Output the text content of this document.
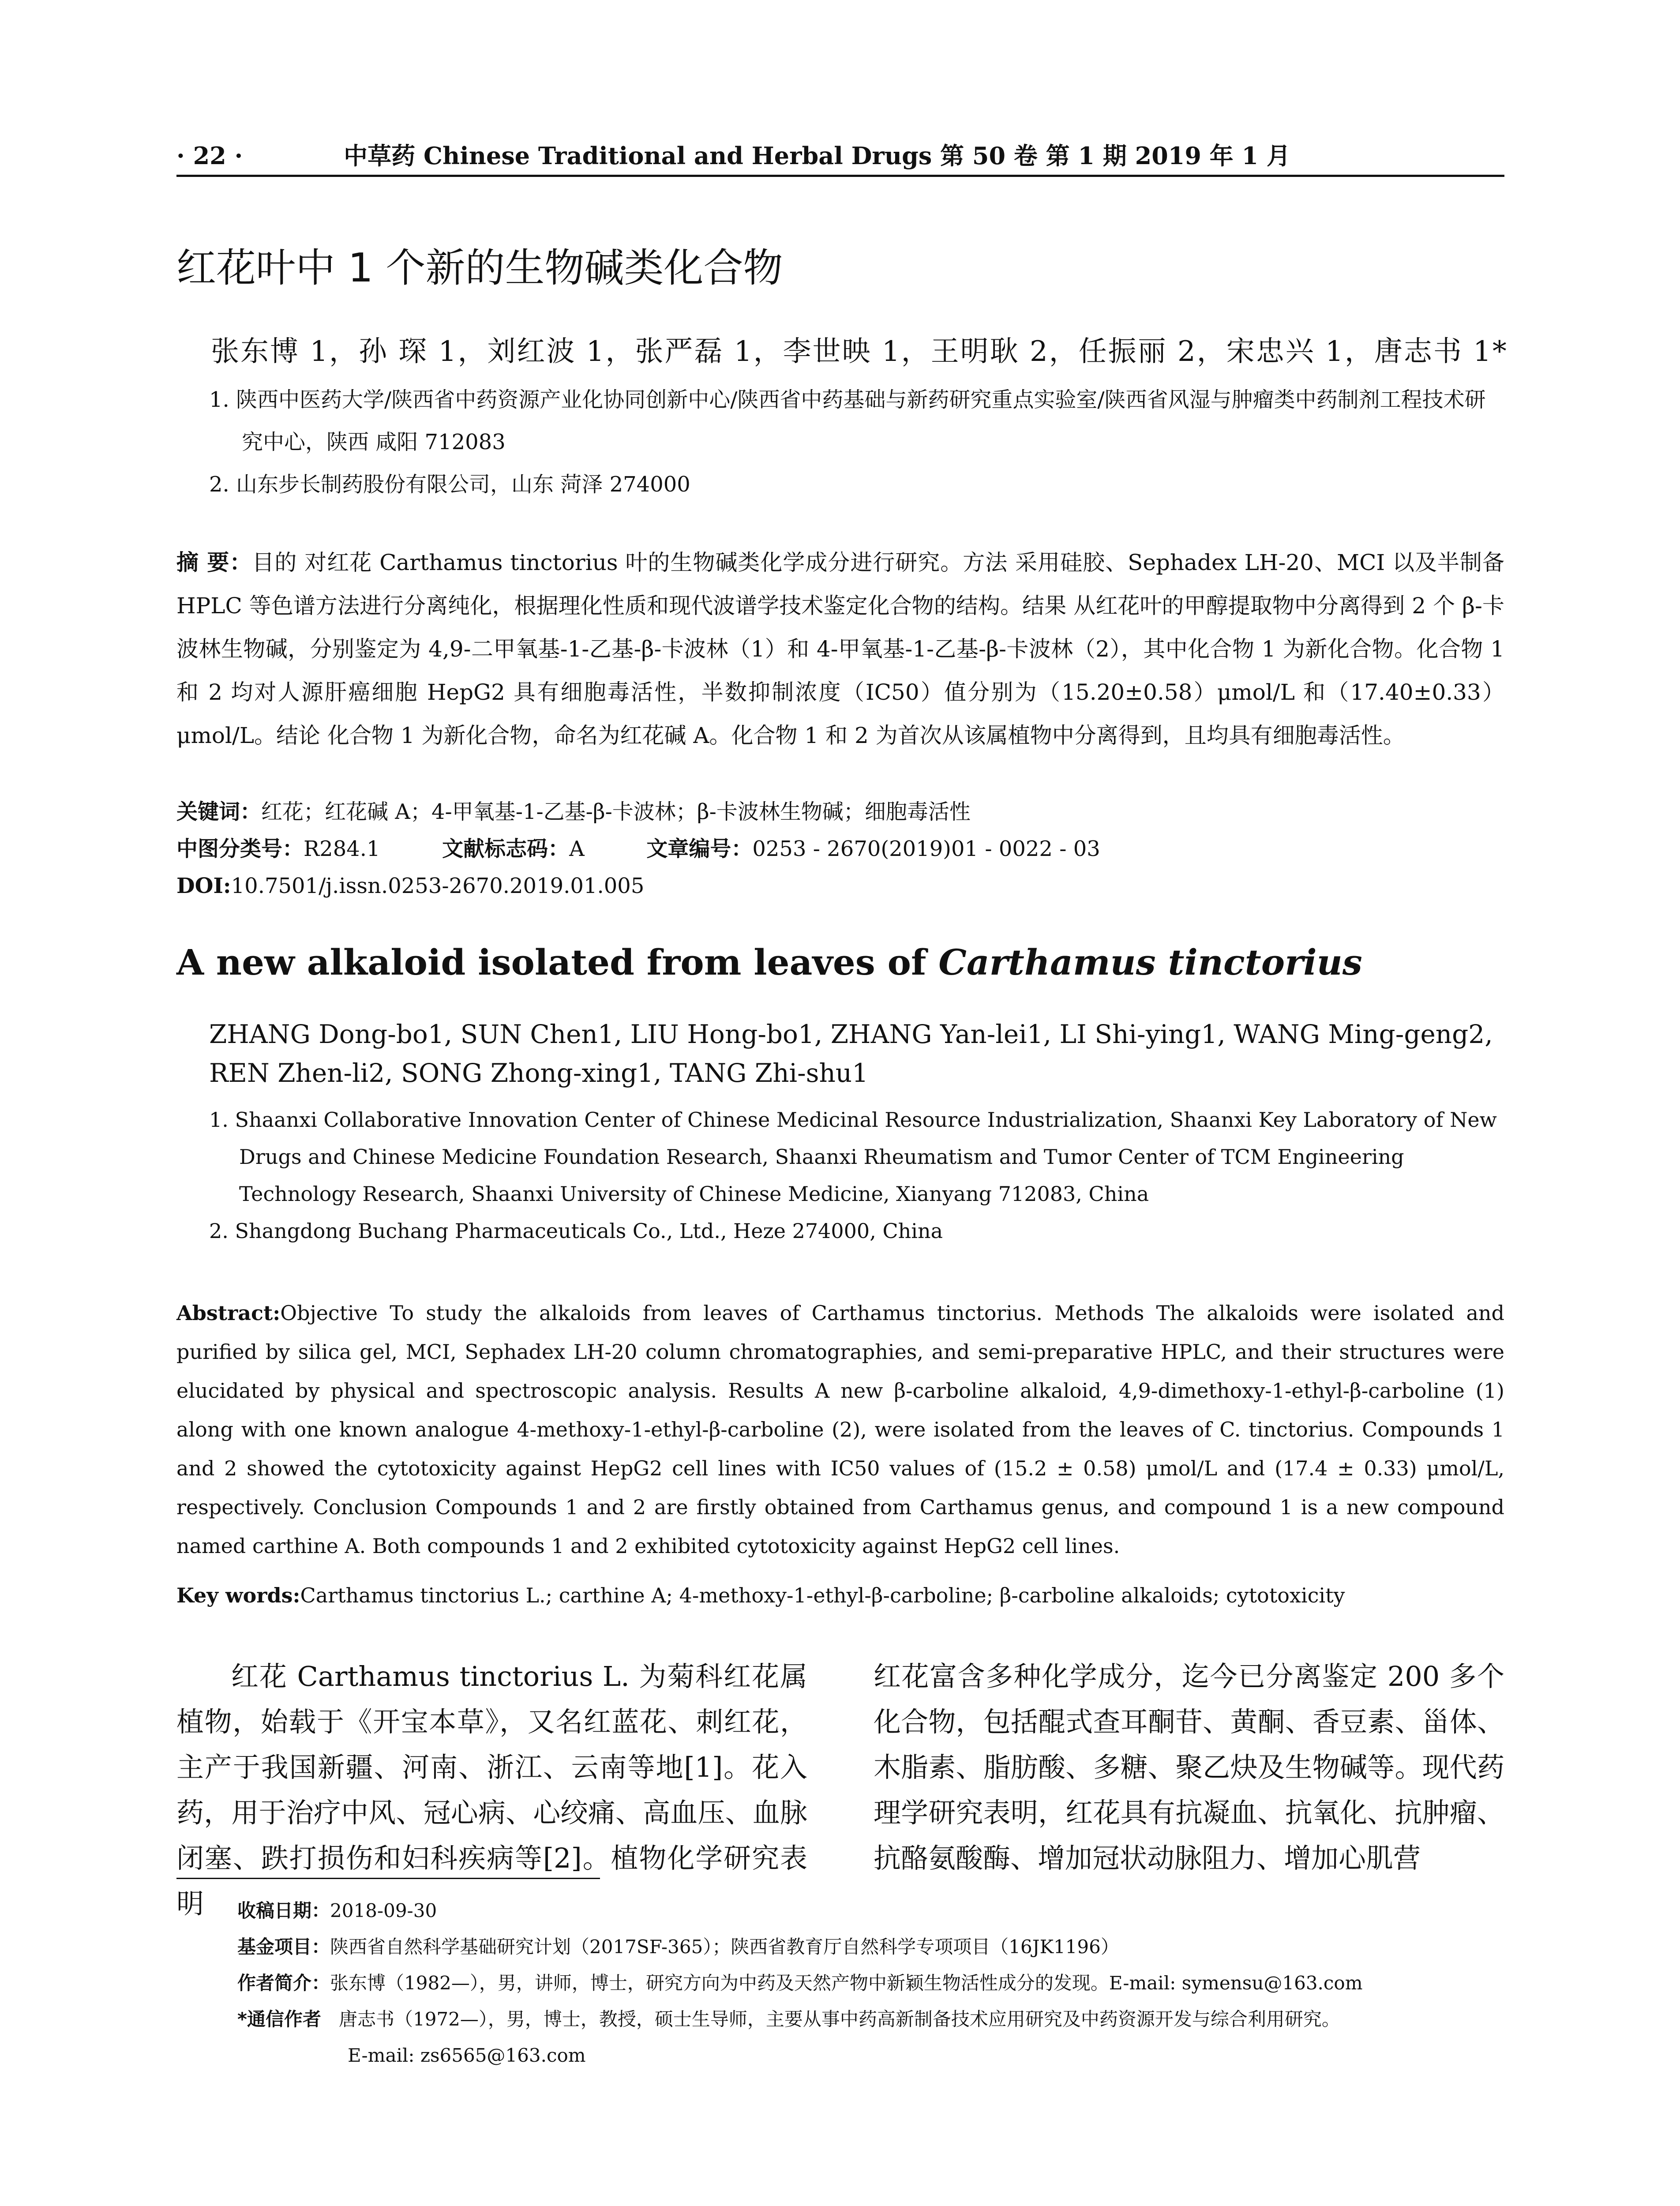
· 22 ·	中草药 Chinese Traditional and Herbal Drugs 第 50 卷 第 1 期 2019 年 1 月
红花叶中 1 个新的生物碱类化合物
张东博 1，孙 琛 1，刘红波 1，张严磊 1，李世映 1，王明耿 2，任振丽 2，宋忠兴 1，唐志书 1*

1. 陕西中医药大学/陕西省中药资源产业化协同创新中心/陕西省中药基础与新药研究重点实验室/陕西省风湿与肿瘤类中药制剂工程技术研究中心，陕西 咸阳 712083

2. 山东步长制药股份有限公司，山东 菏泽 274000

摘 要：目的 对红花 Carthamus tinctorius 叶的生物碱类化学成分进行研究。方法 采用硅胶、Sephadex LH-20、MCI 以及半制备 HPLC 等色谱方法进行分离纯化，根据理化性质和现代波谱学技术鉴定化合物的结构。结果 从红花叶的甲醇提取物中分离得到 2 个 β-卡波林生物碱，分别鉴定为 4,9-二甲氧基-1-乙基-β-卡波林（1）和 4-甲氧基-1-乙基-β-卡波林（2），其中化合物 1 为新化合物。化合物 1 和 2 均对人源肝癌细胞 HepG2 具有细胞毒活性，半数抑制浓度（IC50）值分别为（15.20±0.58）μmol/L 和（17.40±0.33）μmol/L。结论 化合物 1 为新化合物，命名为红花碱 A。化合物 1 和 2 为首次从该属植物中分离得到，且均具有细胞毒活性。

关键词：红花；红花碱 A；4-甲氧基-1-乙基-β-卡波林；β-卡波林生物碱；细胞毒活性
中图分类号：R284.1	文献标志码：A	文章编号：0253 - 2670(2019)01 - 0022 - 03
DOI:10.7501/j.issn.0253-2670.2019.01.005
A new alkaloid isolated from leaves of Carthamus tinctorius
ZHANG Dong-bo1, SUN Chen1, LIU Hong-bo1, ZHANG Yan-lei1, LI Shi-ying1, WANG Ming-geng2, REN Zhen-li2, SONG Zhong-xing1, TANG Zhi-shu1

1. Shaanxi Collaborative Innovation Center of Chinese Medicinal Resource Industrialization, Shaanxi Key Laboratory of New Drugs and Chinese Medicine Foundation Research, Shaanxi Rheumatism and Tumor Center of TCM Engineering Technology Research, Shaanxi University of Chinese Medicine, Xianyang 712083, China

2. Shangdong Buchang Pharmaceuticals Co., Ltd., Heze 274000, China

Abstract:Objective To study the alkaloids from leaves of Carthamus tinctorius. Methods The alkaloids were isolated and purified by silica gel, MCI, Sephadex LH-20 column chromatographies, and semi-preparative HPLC, and their structures were elucidated by physical and spectroscopic analysis. Results A new β-carboline alkaloid, 4,9-dimethoxy-1-ethyl-β-carboline (1) along with one known analogue 4-methoxy-1-ethyl-β-carboline (2), were isolated from the leaves of C. tinctorius. Compounds 1 and 2 showed the cytotoxicity against HepG2 cell lines with IC50 values of (15.2 ± 0.58) μmol/L and (17.4 ± 0.33) μmol/L, respectively. Conclusion Compounds 1 and 2 are firstly obtained from Carthamus genus, and compound 1 is a new compound named carthine A. Both compounds 1 and 2 exhibited cytotoxicity against HepG2 cell lines.

Key words:Carthamus tinctorius L.; carthine A; 4-methoxy-1-ethyl-β-carboline; β-carboline alkaloids; cytotoxicity

红花 Carthamus tinctorius L. 为菊科红花属植物，始载于《开宝本草》，又名红蓝花、刺红花，主产于我国新疆、河南、浙江、云南等地[1]。花入药，用于治疗中风、冠心病、心绞痛、高血压、血脉闭塞、跌打损伤和妇科疾病等[2]。植物化学研究表明

红花富含多种化学成分，迄今已分离鉴定 200 多个化合物，包括醌式查耳酮苷、黄酮、香豆素、甾体、木脂素、脂肪酸、多糖、聚乙炔及生物碱等。现代药理学研究表明，红花具有抗凝血、抗氧化、抗肿瘤、抗酪氨酸酶、增加冠状动脉阻力、增加心肌营

收稿日期：2018-09-30

基金项目：陕西省自然科学基础研究计划（2017SF-365）；陕西省教育厅自然科学专项项目（16JK1196）

作者简介：张东博（1982—），男，讲师，博士，研究方向为中药及天然产物中新颖生物活性成分的发现。E-mail: symensu@163.com

*通信作者 唐志书（1972—），男，博士，教授，硕士生导师，主要从事中药高新制备技术应用研究及中药资源开发与综合利用研究。

E-mail: zs6565@163.com
